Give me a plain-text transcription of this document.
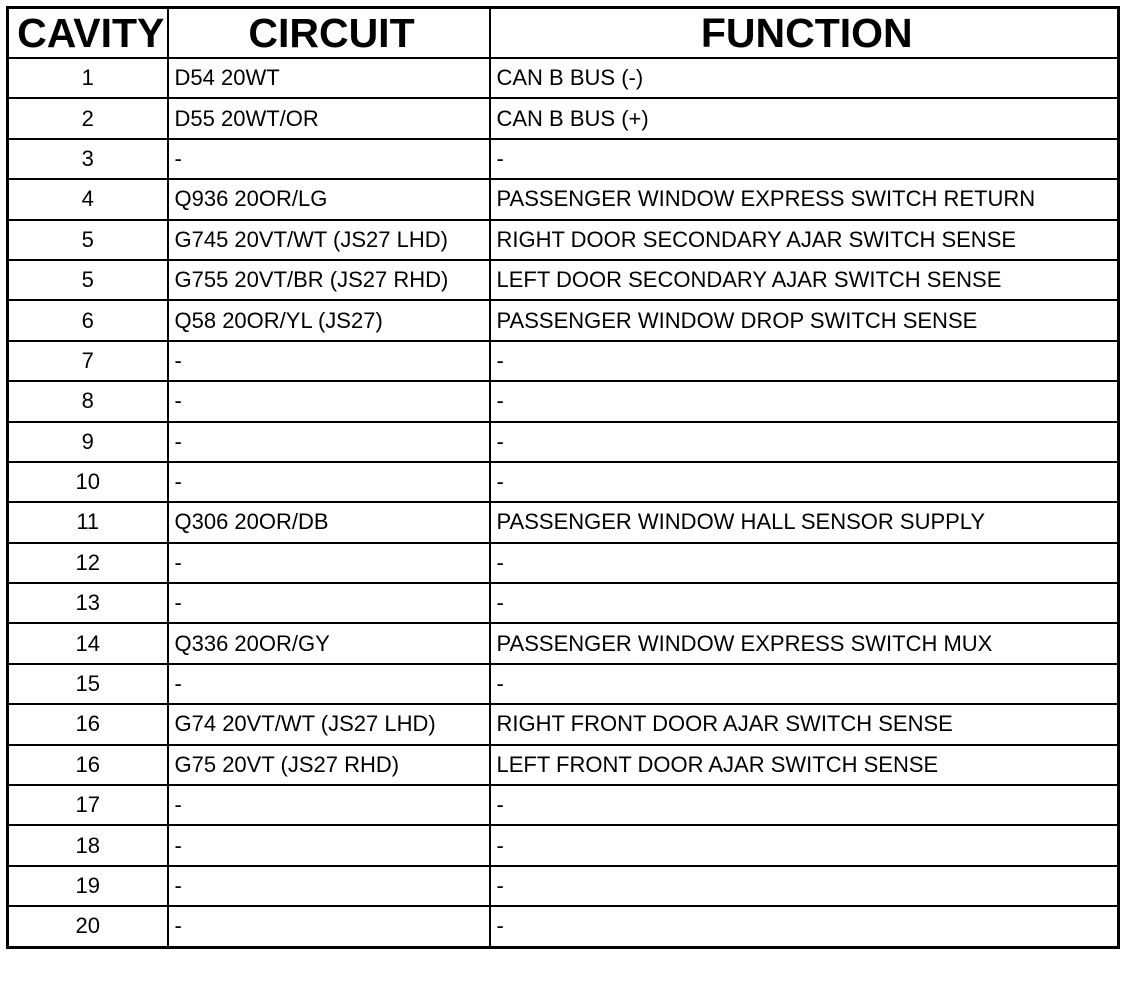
CAVITY	CIRCUIT	FUNCTION
1	D54 20WT	CAN B BUS (-)
2	D55 20WT/OR	CAN B BUS (+)
3	-	-
4	Q936 20OR/LG	PASSENGER WINDOW EXPRESS SWITCH RETURN
5	G745 20VT/WT (JS27 LHD)	RIGHT DOOR SECONDARY AJAR SWITCH SENSE
5	G755 20VT/BR (JS27 RHD)	LEFT DOOR SECONDARY AJAR SWITCH SENSE
6	Q58 20OR/YL (JS27)	PASSENGER WINDOW DROP SWITCH SENSE
7	-	-
8	-	-
9	-	-
10	-	-
11	Q306 20OR/DB	PASSENGER WINDOW HALL SENSOR SUPPLY
12	-	-
13	-	-
14	Q336 20OR/GY	PASSENGER WINDOW EXPRESS SWITCH MUX
15	-	-
16	G74 20VT/WT (JS27 LHD)	RIGHT FRONT DOOR AJAR SWITCH SENSE
16	G75 20VT (JS27 RHD)	LEFT FRONT DOOR AJAR SWITCH SENSE
17	-	-
18	-	-
19	-	-
20	-	-
